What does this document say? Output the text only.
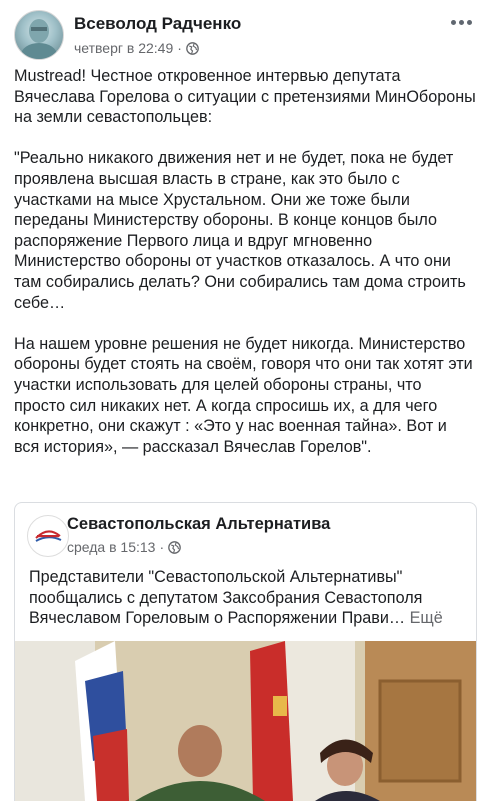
Всеволод Радченко
четверг в 22:49 ·
Mustread! Честное откровенное интервью депутата Вячеслава Горелова о ситуации с претензиями МинОбороны на земли севастопольцев:

"Реально никакого движения нет и не будет, пока не будет проявлена высшая власть в стране, как это было с участками на мысе Хрустальном. Они же тоже были переданы Министерству обороны. В конце концов было распоряжение Первого лица и вдруг мгновенно Министерство обороны от участков отказалось. А что они там собирались делать? Они собирались там дома строить себе…

На нашем уровне решения не будет никогда. Министерство обороны будет стоять на своём, говоря что они так хотят эти участки использовать для целей обороны страны, что просто сил никаких нет. А когда спросишь их, а для чего конкретно, они скажут : «Это у нас военная тайна». Вот и вся история», — рассказал Вячеслав Горелов".
Севастопольская Альтернатива
среда в 15:13 ·
Представители "Севастопольской Альтернативы" пообщались с депутатом Заксобрания Севастополя Вячеславом Гореловым о Распоряжении Прави… Ещё
